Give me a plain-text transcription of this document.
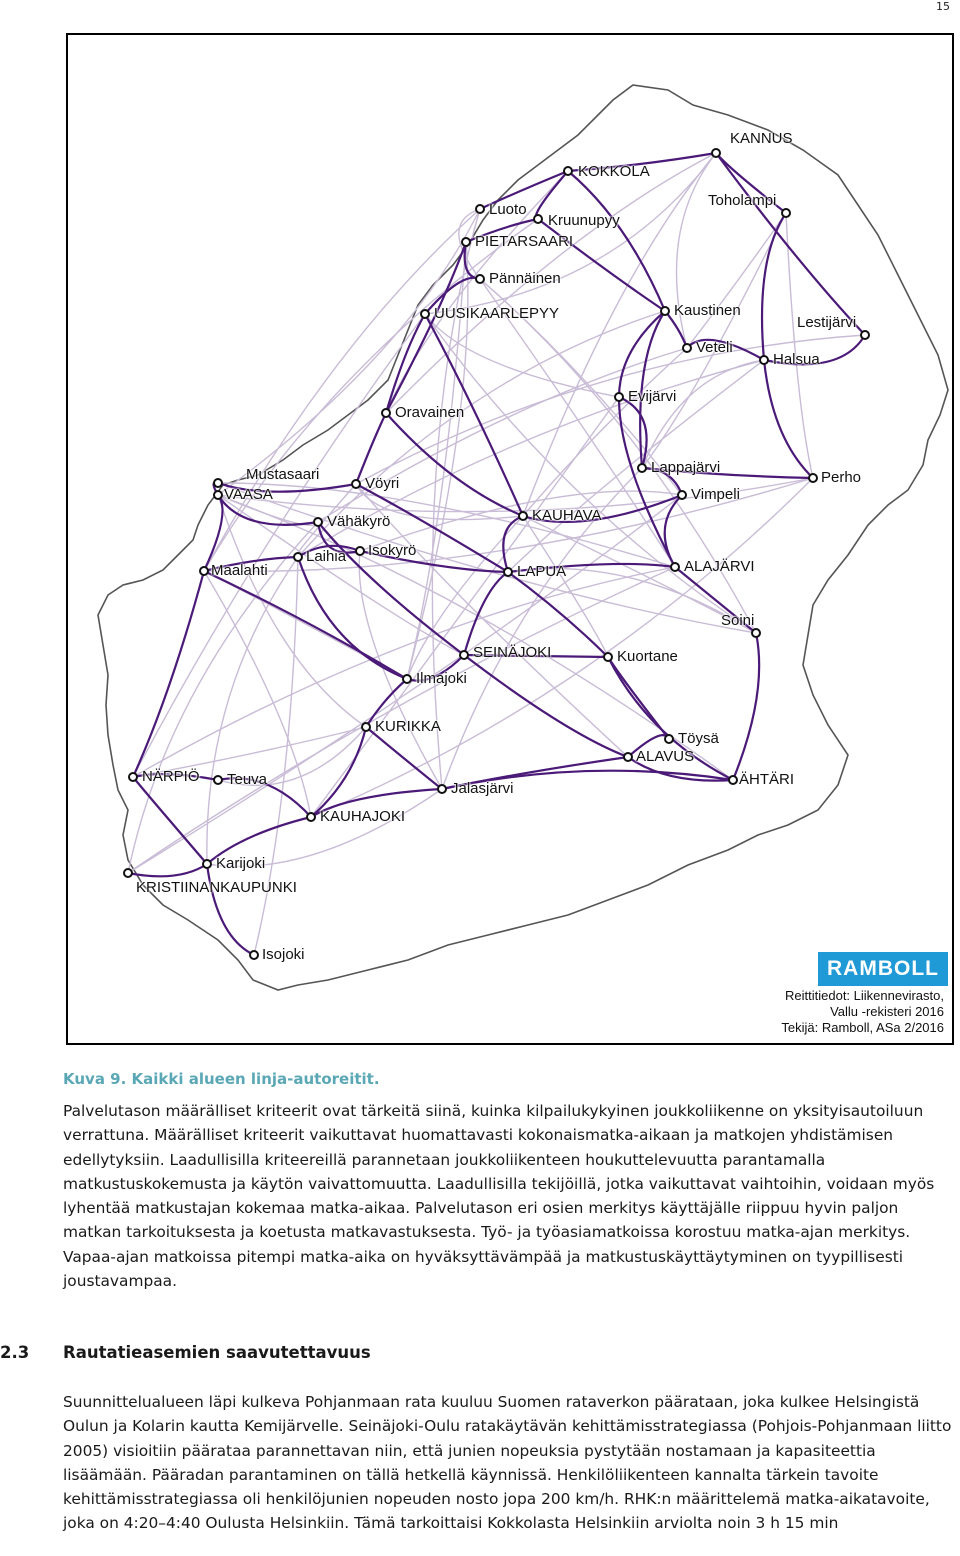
15
KANNUS
KOKKOLA
Toholampi
Luoto
Kruunupyy
PIETARSAARI
Pännäinen
UUSIKAARLEPYY	Kaustinen
Lestijärvi
Veteli
Halsua
Evijärvi
Oravainen
Lappajärvi
Perho
Mustasaari
Vöyri
VAASA	Vimpeli
KAUHAVA
Vähäkyrö
Laihia Isokyrö
LAPUA	ALAJÄRVI
Maalahti
Soini
SEINÄJOKI	Kuortane
Ilmajoki
KURIKKA
Töysä
ALAVUS
NÄRPIÖ Teuva	ÄHTÄRI
Jalasjärvi
KAUHAJOKI
Karijoki
KRISTIINANKAUPUNKI
Isojoki
RAMBOLL
Reittitiedot: Liikennevirasto,
Vallu -rekisteri 2016
Tekijä: Ramboll, ASa 2/2016
Kuva 9. Kaikki alueen linja-autoreitit.

Palvelutason määrälliset kriteerit ovat tärkeitä siinä, kuinka kilpailukykyinen joukkoliikenne on yksityisautoiluun verrattuna. Määrälliset kriteerit vaikuttavat huomattavasti kokonaismatka-aikaan ja matkojen yhdistämisen edellytyksiin. Laadullisilla kriteereillä parannetaan joukkoliikenteen houkuttelevuutta parantamalla matkustuskokemusta ja käytön vaivattomuutta. Laadullisilla tekijöillä, jotka vaikuttavat vaihtoihin, voidaan myös lyhentää matkustajan kokemaa matka-aikaa. Palvelutason eri osien merkitys käyttäjälle riippuu hyvin paljon matkan tarkoituksesta ja koetusta matkavastuksesta. Työ- ja työasiamatkoissa korostuu matka-ajan merkitys. Vapaa-ajan matkoissa pitempi matka-aika on hyväksyttävämpää ja matkustuskäyttäytyminen on tyypillisesti joustavampaa.

2.3 Rautatieasemien saavutettavuus

Suunnittelualueen läpi kulkeva Pohjanmaan rata kuuluu Suomen rataverkon päärataan, joka kulkee Helsingistä Oulun ja Kolarin kautta Kemijärvelle. Seinäjoki-Oulu ratakäytävän kehittämisstrategiassa (Pohjois-Pohjanmaan liitto 2005) visioitiin päärataa parannettavan niin, että junien nopeuksia pystytään nostamaan ja kapasiteettia lisäämään. Pääradan parantaminen on tällä hetkellä käynnissä. Henkilöliikenteen kannalta tärkein tavoite kehittämisstrategiassa oli henkilöjunien nopeuden nosto jopa 200 km/h. RHK:n määrittelemä matka-aikatavoite, joka on 4:20–4:40 Oulusta Helsinkiin. Tämä tarkoittaisi Kokkolasta Helsinkiin arviolta noin 3 h 15 min
